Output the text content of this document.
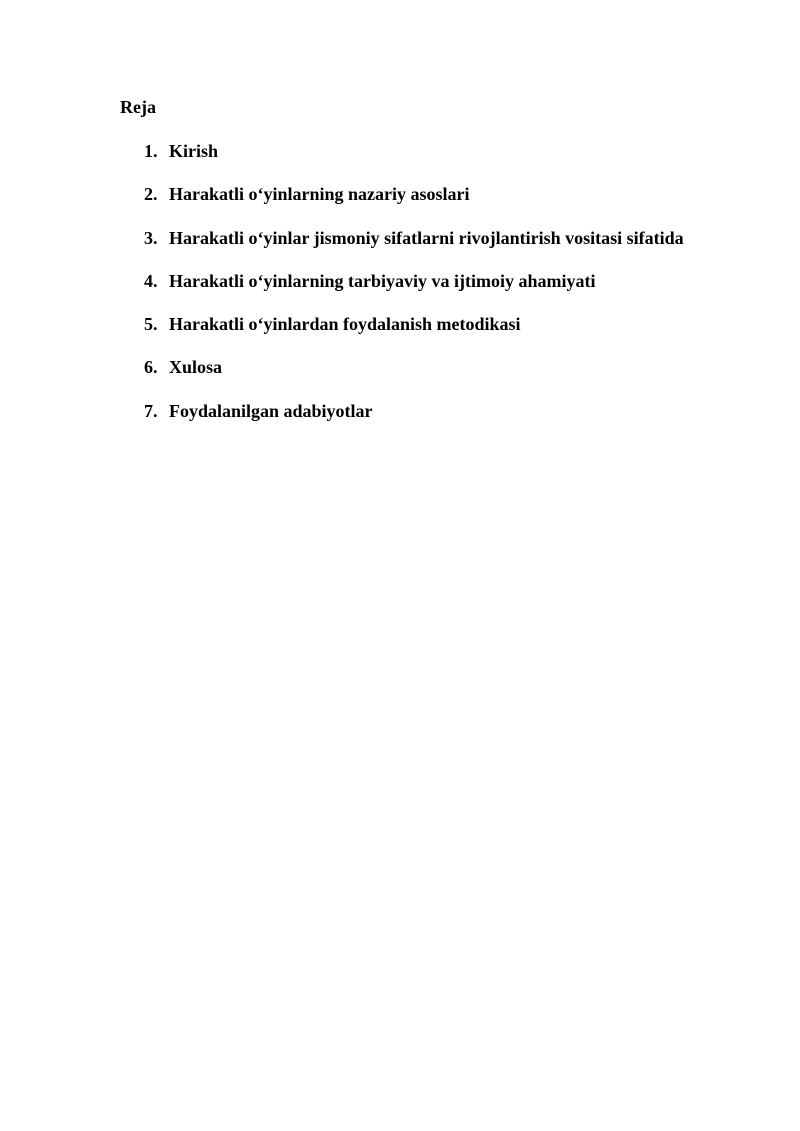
Reja
1. Kirish
2. Harakatli o‘yinlarning nazariy asoslari
3. Harakatli o‘yinlar jismoniy sifatlarni rivojlantirish vositasi sifatida
4. Harakatli o‘yinlarning tarbiyaviy va ijtimoiy ahamiyati
5. Harakatli o‘yinlardan foydalanish metodikasi
6. Xulosa
7. Foydalanilgan adabiyotlar
